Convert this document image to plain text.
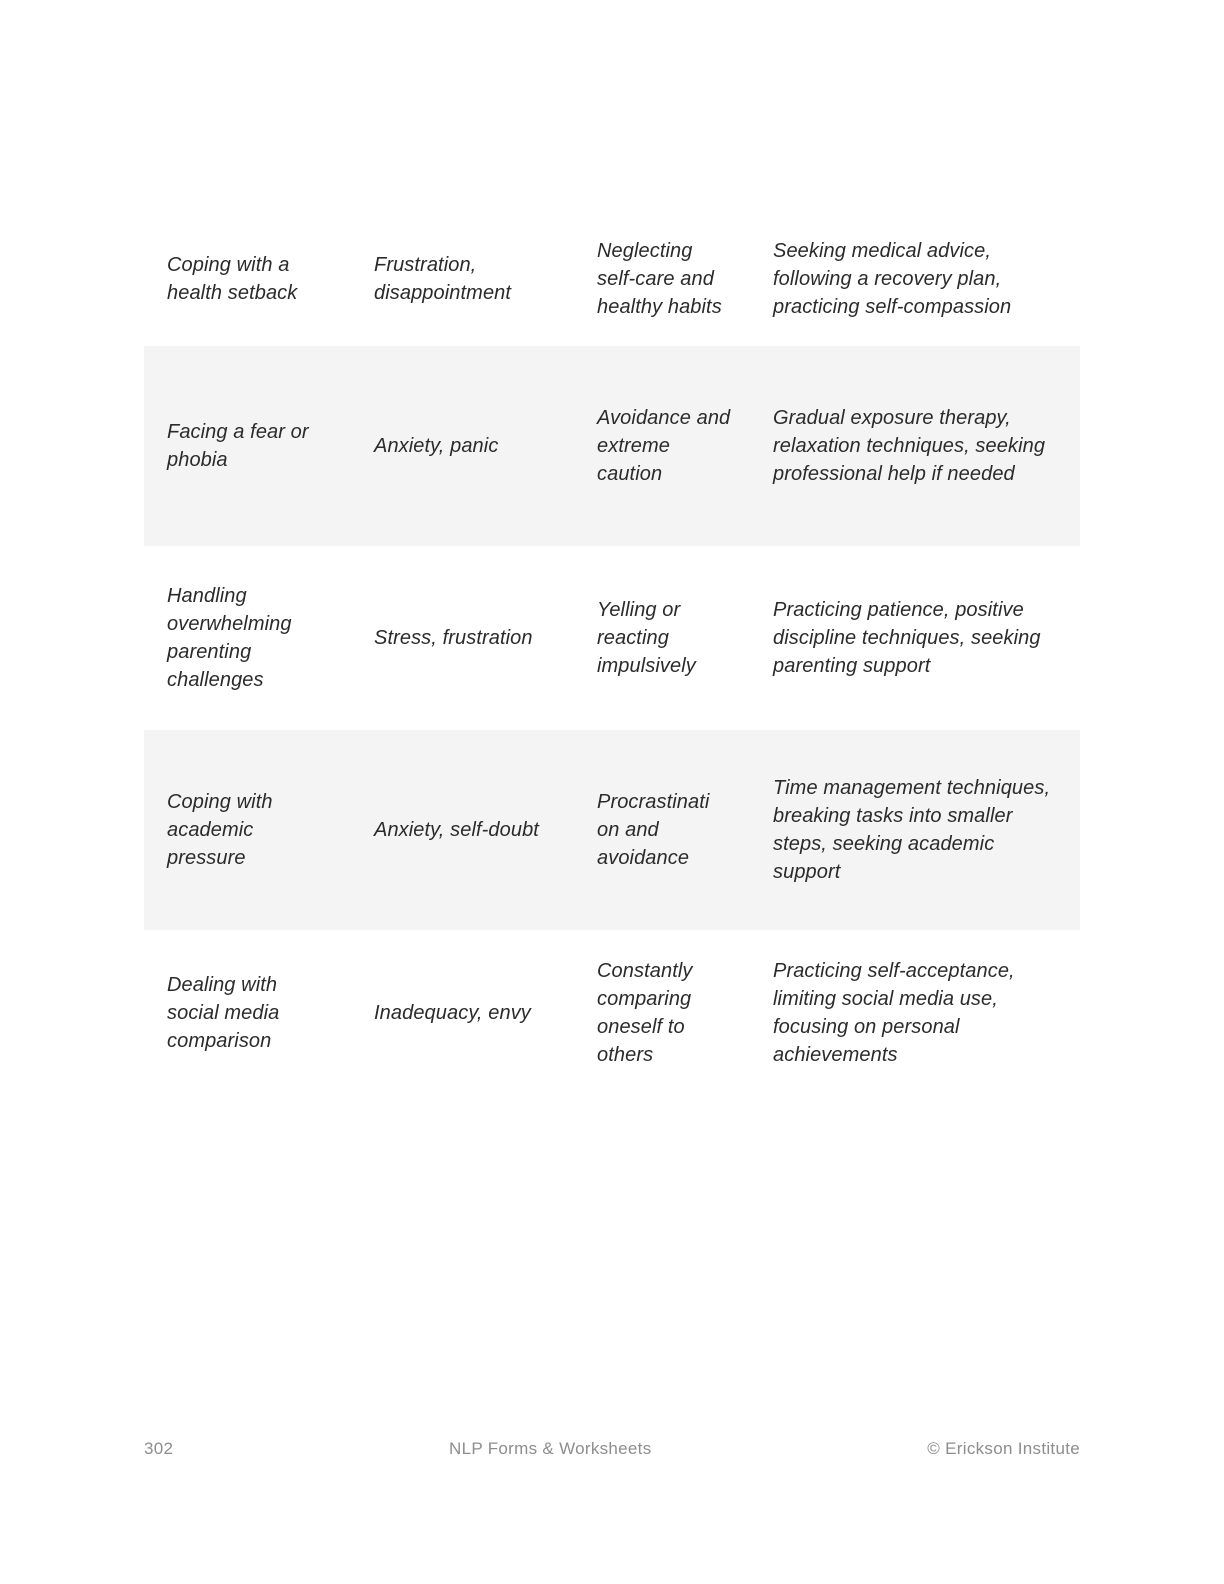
Coping with a health setback	Frustration, disappointment	Neglecting self-care and healthy habits	Seeking medical advice, following a recovery plan, practicing self-compassion

Facing a fear or phobia	Anxiety, panic	Avoidance and extreme caution	Gradual exposure therapy, relaxation techniques, seeking professional help if needed

Handling overwhelming parenting challenges	Stress, frustration	Yelling or reacting impulsively	Practicing patience, positive discipline techniques, seeking parenting support

Coping with academic pressure	Anxiety, self-doubt	Procrastinati on and avoidance	Time management techniques, breaking tasks into smaller steps, seeking academic support

Dealing with social media comparison	Inadequacy, envy	Constantly comparing oneself to others	Practicing self-acceptance, limiting social media use, focusing on personal achievements
302	NLP Forms & Worksheets	© Erickson Institute
